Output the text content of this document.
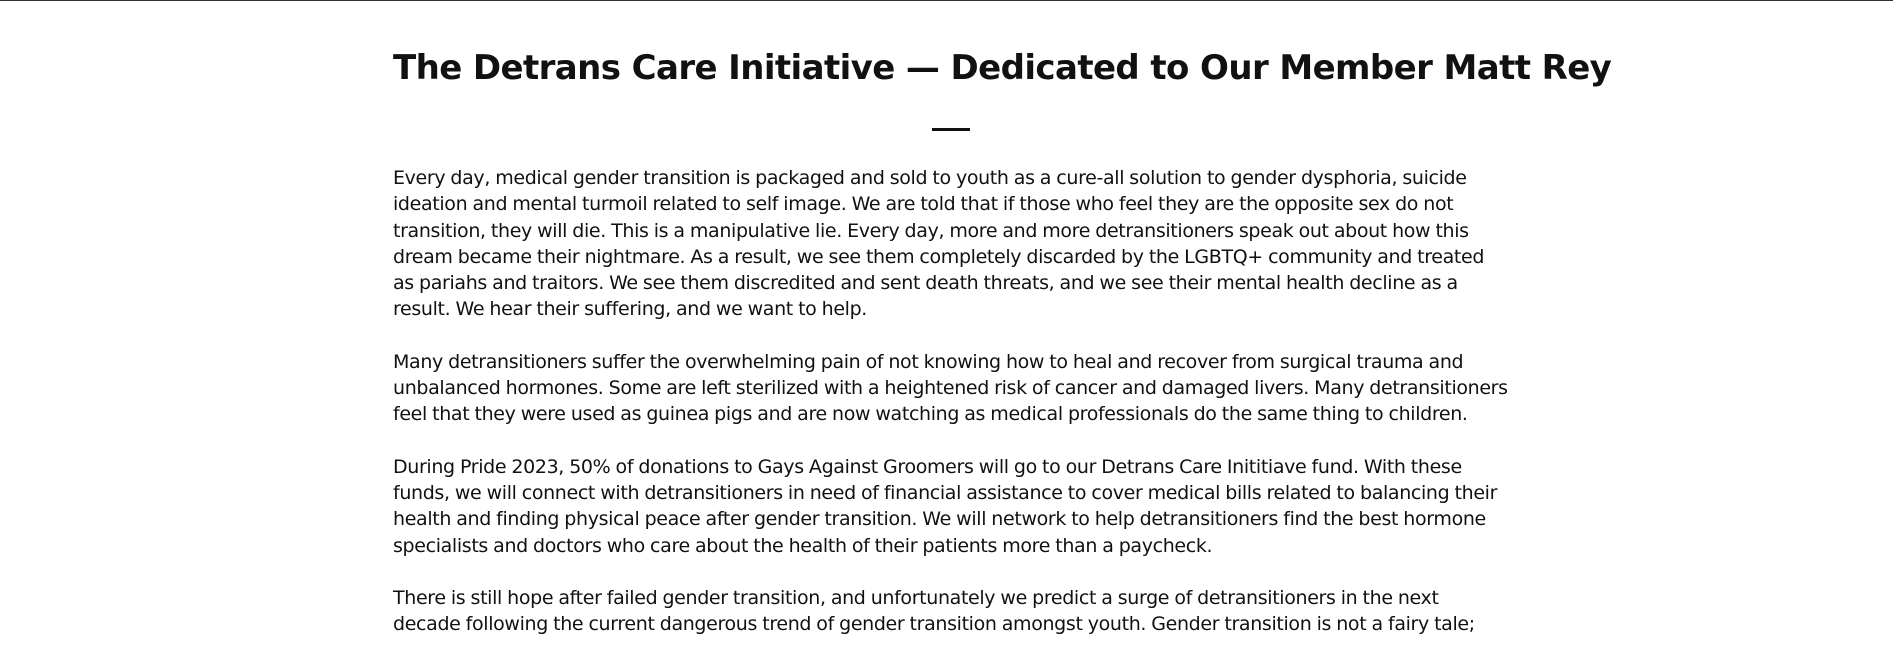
The Detrans Care Initiative — Dedicated to Our Member Matt Rey

Every day, medical gender transition is packaged and sold to youth as a cure-all solution to gender dysphoria, suicide ideation and mental turmoil related to self image. We are told that if those who feel they are the opposite sex do not transition, they will die. This is a manipulative lie. Every day, more and more detransitioners speak out about how this dream became their nightmare. As a result, we see them completely discarded by the LGBTQ+ community and treated as pariahs and traitors. We see them discredited and sent death threats, and we see their mental health decline as a result. We hear their suffering, and we want to help.

Many detransitioners suffer the overwhelming pain of not knowing how to heal and recover from surgical trauma and unbalanced hormones. Some are left sterilized with a heightened risk of cancer and damaged livers. Many detransitioners feel that they were used as guinea pigs and are now watching as medical professionals do the same thing to children.

During Pride 2023, 50% of donations to Gays Against Groomers will go to our Detrans Care Inititiave fund. With these funds, we will connect with detransitioners in need of financial assistance to cover medical bills related to balancing their health and finding physical peace after gender transition. We will network to help detransitioners find the best hormone specialists and doctors who care about the health of their patients more than a paycheck.

There is still hope after failed gender transition, and unfortunately we predict a surge of detransitioners in the next decade following the current dangerous trend of gender transition amongst youth. Gender transition is not a fairy tale;
